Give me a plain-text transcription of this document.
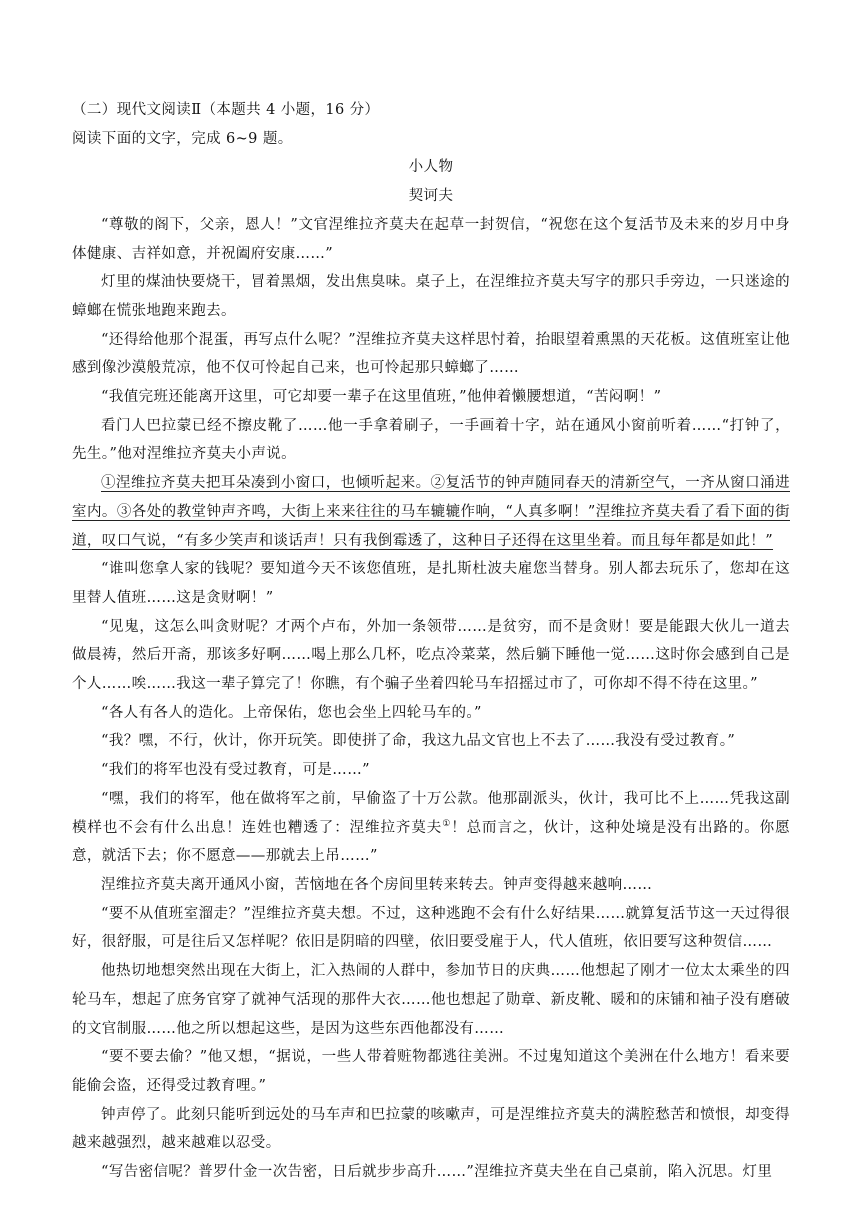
（二）现代文阅读Ⅱ（本题共 4 小题，16 分）

阅读下面的文字，完成 6~9 题。

小人物

契诃夫

“尊敬的阁下，父亲，恩人！”文官涅维拉齐莫夫在起草一封贺信，“祝您在这个复活节及未来的岁月中身体健康、吉祥如意，并祝阖府安康……”

灯里的煤油快要烧干，冒着黑烟，发出焦臭味。桌子上，在涅维拉齐莫夫写字的那只手旁边，一只迷途的蟑螂在慌张地跑来跑去。

“还得给他那个混蛋，再写点什么呢？”涅维拉齐莫夫这样思忖着，抬眼望着熏黑的天花板。这值班室让他感到像沙漠般荒凉，他不仅可怜起自己来，也可怜起那只蟑螂了……

“我值完班还能离开这里，可它却要一辈子在这里值班，”他伸着懒腰想道，“苦闷啊！”

看门人巴拉蒙已经不擦皮靴了……他一手拿着刷子，一手画着十字，站在通风小窗前听着……“打钟了，先生。”他对涅维拉齐莫夫小声说。

①涅维拉齐莫夫把耳朵凑到小窗口，也倾听起来。②复活节的钟声随同春天的清新空气，一齐从窗口涌进室内。③各处的教堂钟声齐鸣，大街上来来往往的马车辘辘作响，“人真多啊！”涅维拉齐莫夫看了看下面的街道，叹口气说，“有多少笑声和谈话声！只有我倒霉透了，这种日子还得在这里坐着。而且每年都是如此！”

“谁叫您拿人家的钱呢？要知道今天不该您值班，是扎斯杜波夫雇您当替身。别人都去玩乐了，您却在这里替人值班……这是贪财啊！”

“见鬼，这怎么叫贪财呢？才两个卢布，外加一条领带……是贫穷，而不是贪财！要是能跟大伙儿一道去做晨祷，然后开斋，那该多好啊……喝上那么几杯，吃点冷菜菜，然后躺下睡他一觉……这时你会感到自己是个人……唉……我这一辈子算完了！你瞧，有个骗子坐着四轮马车招摇过市了，可你却不得不待在这里。”

“各人有各人的造化。上帝保佑，您也会坐上四轮马车的。”

“我？嘿，不行，伙计，你开玩笑。即使拼了命，我这九品文官也上不去了……我没有受过教育。”

“我们的将军也没有受过教育，可是……”

“嘿，我们的将军，他在做将军之前，早偷盗了十万公款。他那副派头，伙计，我可比不上……凭我这副模样也不会有什么出息！连姓也糟透了：涅维拉齐莫夫①！总而言之，伙计，这种处境是没有出路的。你愿意，就活下去；你不愿意——那就去上吊……”

涅维拉齐莫夫离开通风小窗，苦恼地在各个房间里转来转去。钟声变得越来越响……

“要不从值班室溜走？”涅维拉齐莫夫想。不过，这种逃跑不会有什么好结果……就算复活节这一天过得很好，很舒服，可是往后又怎样呢？依旧是阴暗的四壁，依旧要受雇于人，代人值班，依旧要写这种贺信……

他热切地想突然出现在大街上，汇入热闹的人群中，参加节日的庆典……他想起了刚才一位太太乘坐的四轮马车，想起了庶务官穿了就神气活现的那件大衣……他也想起了勋章、新皮靴、暖和的床铺和袖子没有磨破的文官制服……他之所以想起这些，是因为这些东西他都没有……

“要不要去偷？”他又想，“据说，一些人带着赃物都逃往美洲。不过鬼知道这个美洲在什么地方！看来要能偷会盗，还得受过教育哩。”

钟声停了。此刻只能听到远处的马车声和巴拉蒙的咳嗽声，可是涅维拉齐莫夫的满腔愁苦和愤恨，却变得越来越强烈，越来越难以忍受。

“写告密信呢？普罗什金一次告密，日后就步步高升……”涅维拉齐莫夫坐在自己桌前，陷入沉思。灯里
